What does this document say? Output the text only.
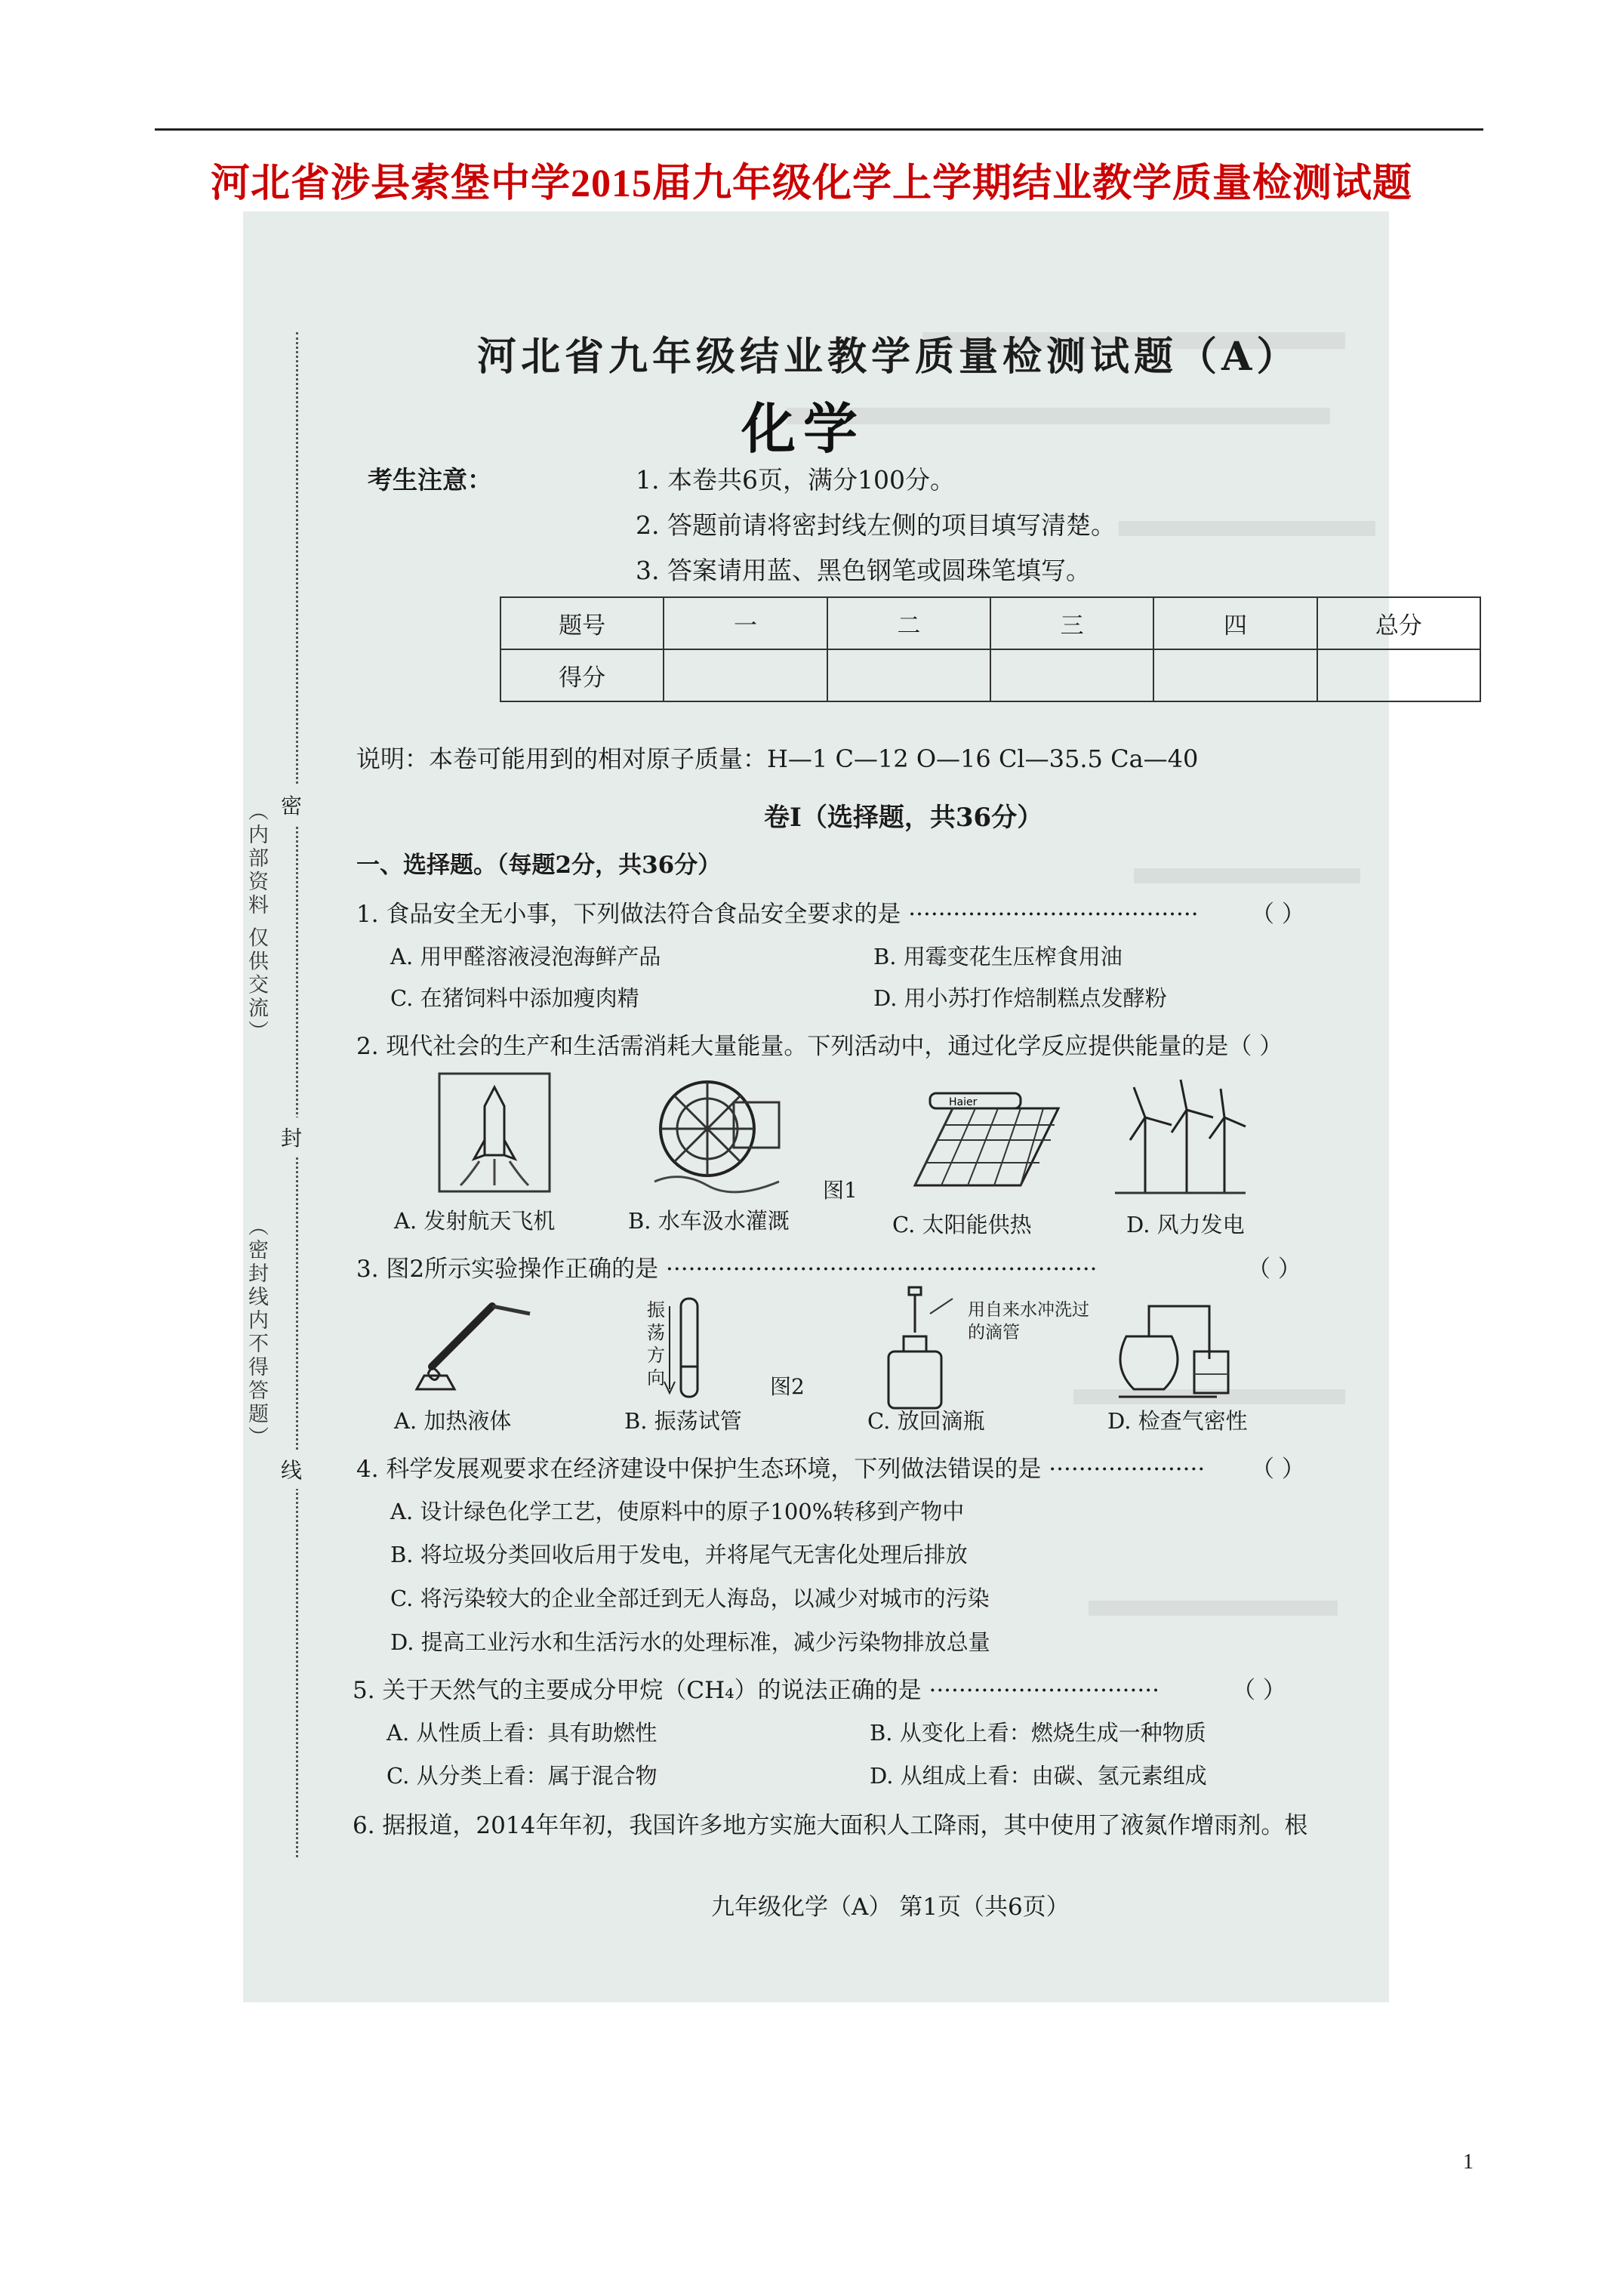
河北省涉县索堡中学2015届九年级化学上学期结业教学质量检测试题
密
封
线
（内部资料 仅供交流）
（密封线内不得答题）
河北省九年级结业教学质量检测试题（A）
化学
考生注意：	1. 本卷共6页，满分100分。
2. 答题前请将密封线左侧的项目填写清楚。
3. 答案请用蓝、黑色钢笔或圆珠笔填写。
题号	一	二	三	四	总分
得分					
说明：本卷可能用到的相对原子质量：H—1 C—12 O—16 Cl—35.5 Ca—40
卷Ⅰ（选择题，共36分）
一、选择题。（每题2分，共36分）
1. 食品安全无小事，下列做法符合食品安全要求的是 ······································· （ ）
A. 用甲醛溶液浸泡海鲜产品	B. 用霉变花生压榨食用油
C. 在猪饲料中添加瘦肉精	D. 用小苏打作焙制糕点发酵粉
2. 现代社会的生产和生活需消耗大量能量。下列活动中，通过化学反应提供能量的是（ ）
Haier
图1
A. 发射航天飞机	B. 水车汲水灌溉	C. 太阳能供热	D. 风力发电
3. 图2所示实验操作正确的是 ··························································	（ ）
振荡方向
用自来水冲洗过的滴管
图2
A. 加热液体	B. 振荡试管	C. 放回滴瓶	D. 检查气密性
4. 科学发展观要求在经济建设中保护生态环境，下列做法错误的是 ····················· （ ）
A. 设计绿色化学工艺，使原料中的原子100%转移到产物中
B. 将垃圾分类回收后用于发电，并将尾气无害化处理后排放
C. 将污染较大的企业全部迁到无人海岛，以减少对城市的污染
D. 提高工业污水和生活污水的处理标准，减少污染物排放总量
5. 关于天然气的主要成分甲烷（CH₄）的说法正确的是 ·······························	（ ）
A. 从性质上看：具有助燃性	B. 从变化上看：燃烧生成一种物质
C. 从分类上看：属于混合物	D. 从组成上看：由碳、氢元素组成
6. 据报道，2014年年初，我国许多地方实施大面积人工降雨，其中使用了液氮作增雨剂。根
九年级化学（A） 第1页（共6页）
1
